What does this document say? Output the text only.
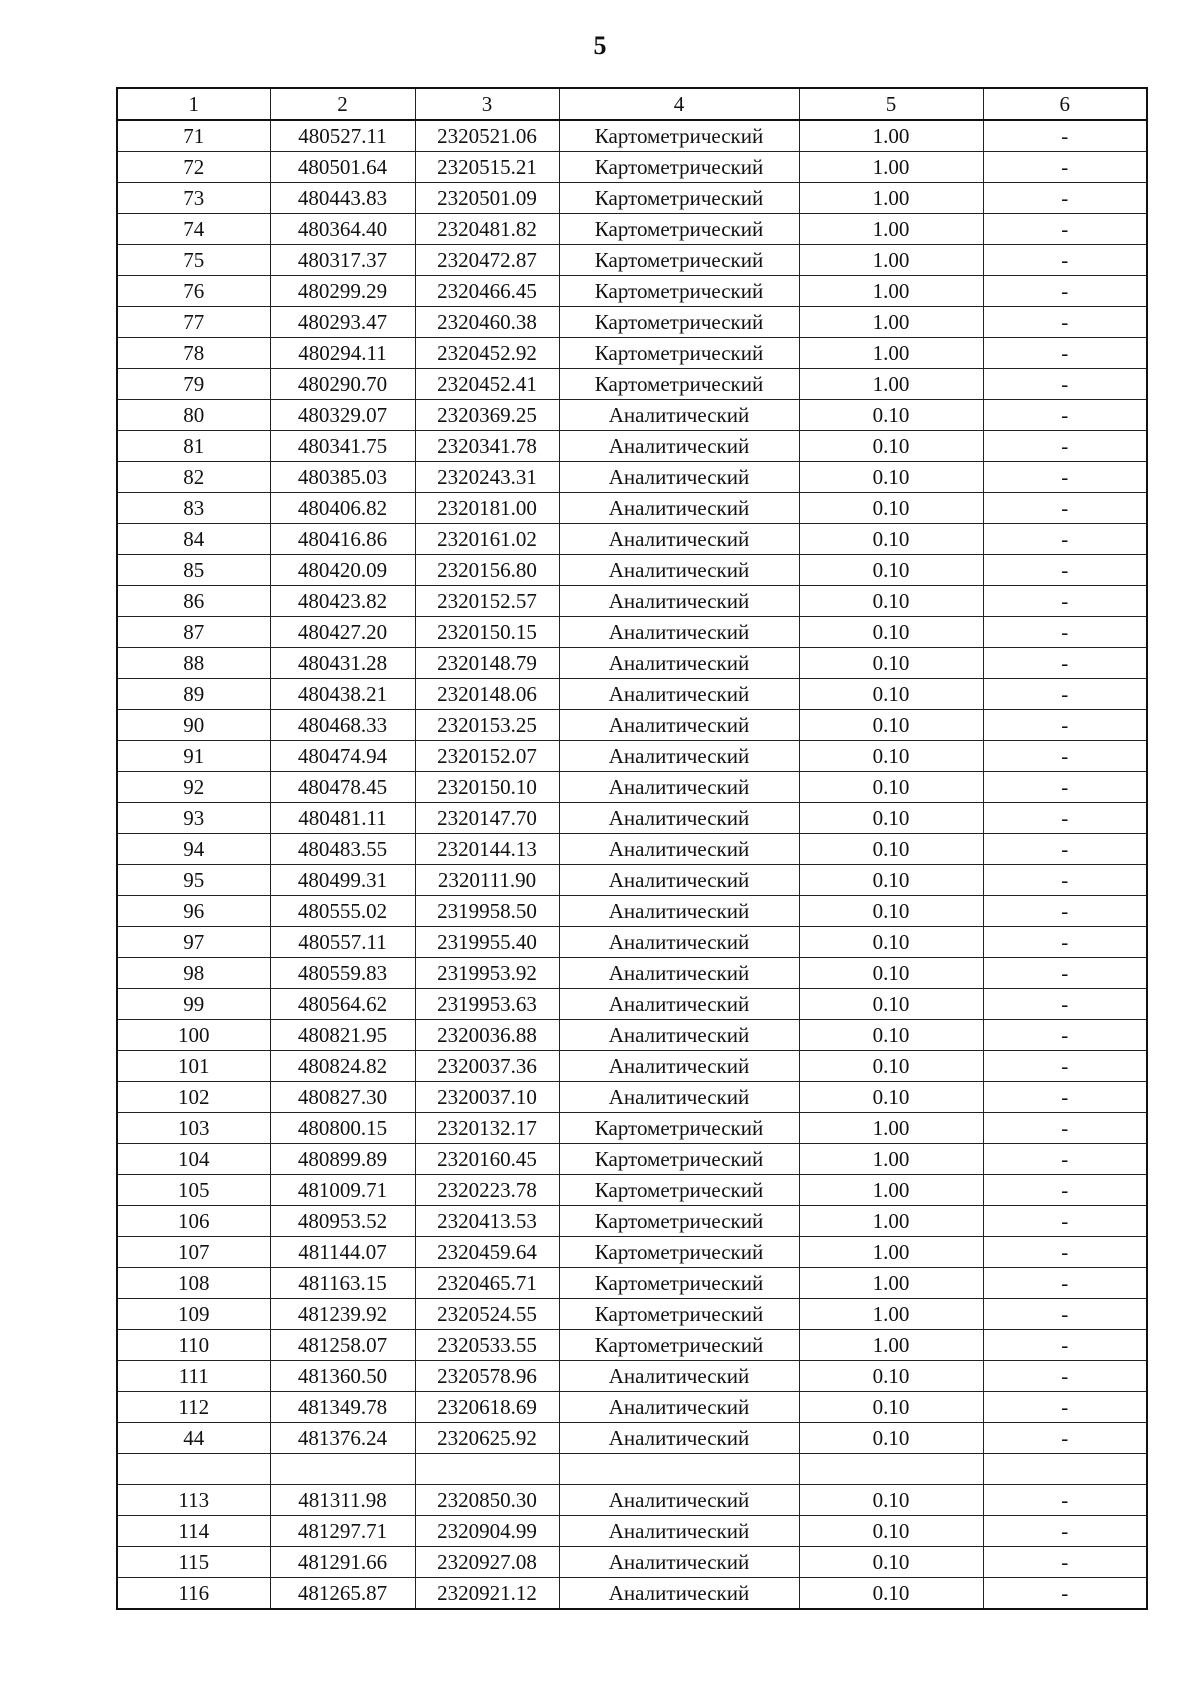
5
1	2	3	4	5	6
71	480527.11	2320521.06	Картометрический	1.00	-
72	480501.64	2320515.21	Картометрический	1.00	-
73	480443.83	2320501.09	Картометрический	1.00	-
74	480364.40	2320481.82	Картометрический	1.00	-
75	480317.37	2320472.87	Картометрический	1.00	-
76	480299.29	2320466.45	Картометрический	1.00	-
77	480293.47	2320460.38	Картометрический	1.00	-
78	480294.11	2320452.92	Картометрический	1.00	-
79	480290.70	2320452.41	Картометрический	1.00	-
80	480329.07	2320369.25	Аналитический	0.10	-
81	480341.75	2320341.78	Аналитический	0.10	-
82	480385.03	2320243.31	Аналитический	0.10	-
83	480406.82	2320181.00	Аналитический	0.10	-
84	480416.86	2320161.02	Аналитический	0.10	-
85	480420.09	2320156.80	Аналитический	0.10	-
86	480423.82	2320152.57	Аналитический	0.10	-
87	480427.20	2320150.15	Аналитический	0.10	-
88	480431.28	2320148.79	Аналитический	0.10	-
89	480438.21	2320148.06	Аналитический	0.10	-
90	480468.33	2320153.25	Аналитический	0.10	-
91	480474.94	2320152.07	Аналитический	0.10	-
92	480478.45	2320150.10	Аналитический	0.10	-
93	480481.11	2320147.70	Аналитический	0.10	-
94	480483.55	2320144.13	Аналитический	0.10	-
95	480499.31	2320111.90	Аналитический	0.10	-
96	480555.02	2319958.50	Аналитический	0.10	-
97	480557.11	2319955.40	Аналитический	0.10	-
98	480559.83	2319953.92	Аналитический	0.10	-
99	480564.62	2319953.63	Аналитический	0.10	-
100	480821.95	2320036.88	Аналитический	0.10	-
101	480824.82	2320037.36	Аналитический	0.10	-
102	480827.30	2320037.10	Аналитический	0.10	-
103	480800.15	2320132.17	Картометрический	1.00	-
104	480899.89	2320160.45	Картометрический	1.00	-
105	481009.71	2320223.78	Картометрический	1.00	-
106	480953.52	2320413.53	Картометрический	1.00	-
107	481144.07	2320459.64	Картометрический	1.00	-
108	481163.15	2320465.71	Картометрический	1.00	-
109	481239.92	2320524.55	Картометрический	1.00	-
110	481258.07	2320533.55	Картометрический	1.00	-
111	481360.50	2320578.96	Аналитический	0.10	-
112	481349.78	2320618.69	Аналитический	0.10	-
44	481376.24	2320625.92	Аналитический	0.10	-

113	481311.98	2320850.30	Аналитический	0.10	-
114	481297.71	2320904.99	Аналитический	0.10	-
115	481291.66	2320927.08	Аналитический	0.10	-
116	481265.87	2320921.12	Аналитический	0.10	-
